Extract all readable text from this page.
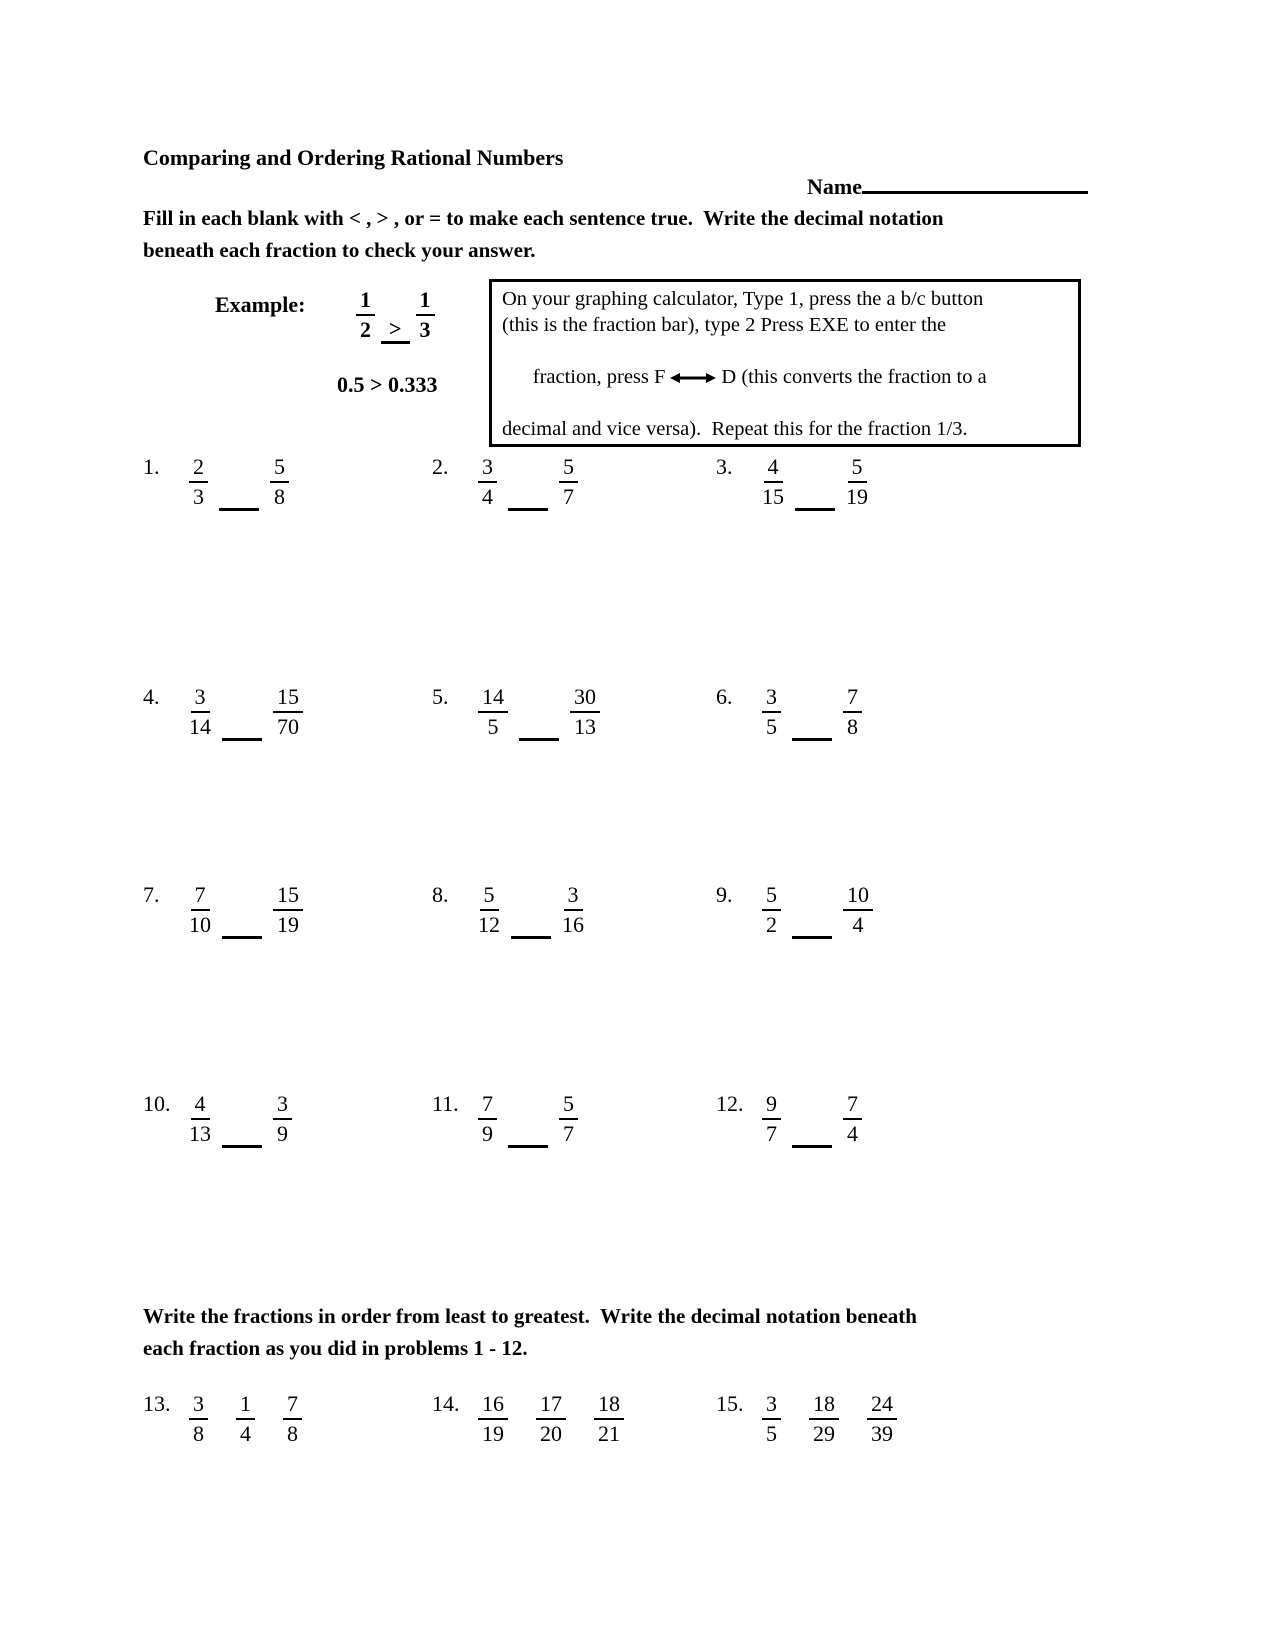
Comparing and Ordering Rational Numbers

Name

Fill in each blank with < , > , or = to make each sentence true.  Write the decimal notation
beneath each fraction to check your answer.
Example: $\frac{1}{2} > \frac{1}{3}$
0.5 > 0.333
On your graphing calculator, Type 1, press the a b/c button
(this is the fraction bar), type 2 Press EXE to enter the

fraction, press F	D (this converts the fraction to a

decimal and vice versa).  Repeat this for the fraction 1/3.
Write the fractions in order from least to greatest.  Write the decimal notation beneath
each fraction as you did in problems 1 - 12.
1.	$\frac{2}{3}$	$\frac{5}{8}$	2.	$\frac{3}{4}$	$\frac{5}{7}$	3.	$\frac{4}{15}$	$\frac{5}{19}$
4.	$\frac{3}{14}$	$\frac{15}{70}$	5.	$\frac{14}{5}$	$\frac{30}{13}$	6.	$\frac{3}{5}$	$\frac{7}{8}$
7.	$\frac{7}{10}$	$\frac{15}{19}$	8.	$\frac{5}{12}$	$\frac{3}{16}$	9.	$\frac{5}{2}$	$\frac{10}{4}$
10. $\frac{4}{13}$	$\frac{3}{9}$	11. $\frac{7}{9}$	$\frac{5}{7}$	12. $\frac{9}{7}$	$\frac{7}{4}$
13. $\frac{3}{8} \frac{1}{4} \frac{7}{8}$	14. $\frac{16}{19} \frac{17}{20} \frac{18}{21}$	15. $\frac{3}{5} \frac{18}{29} \frac{24}{39}$
